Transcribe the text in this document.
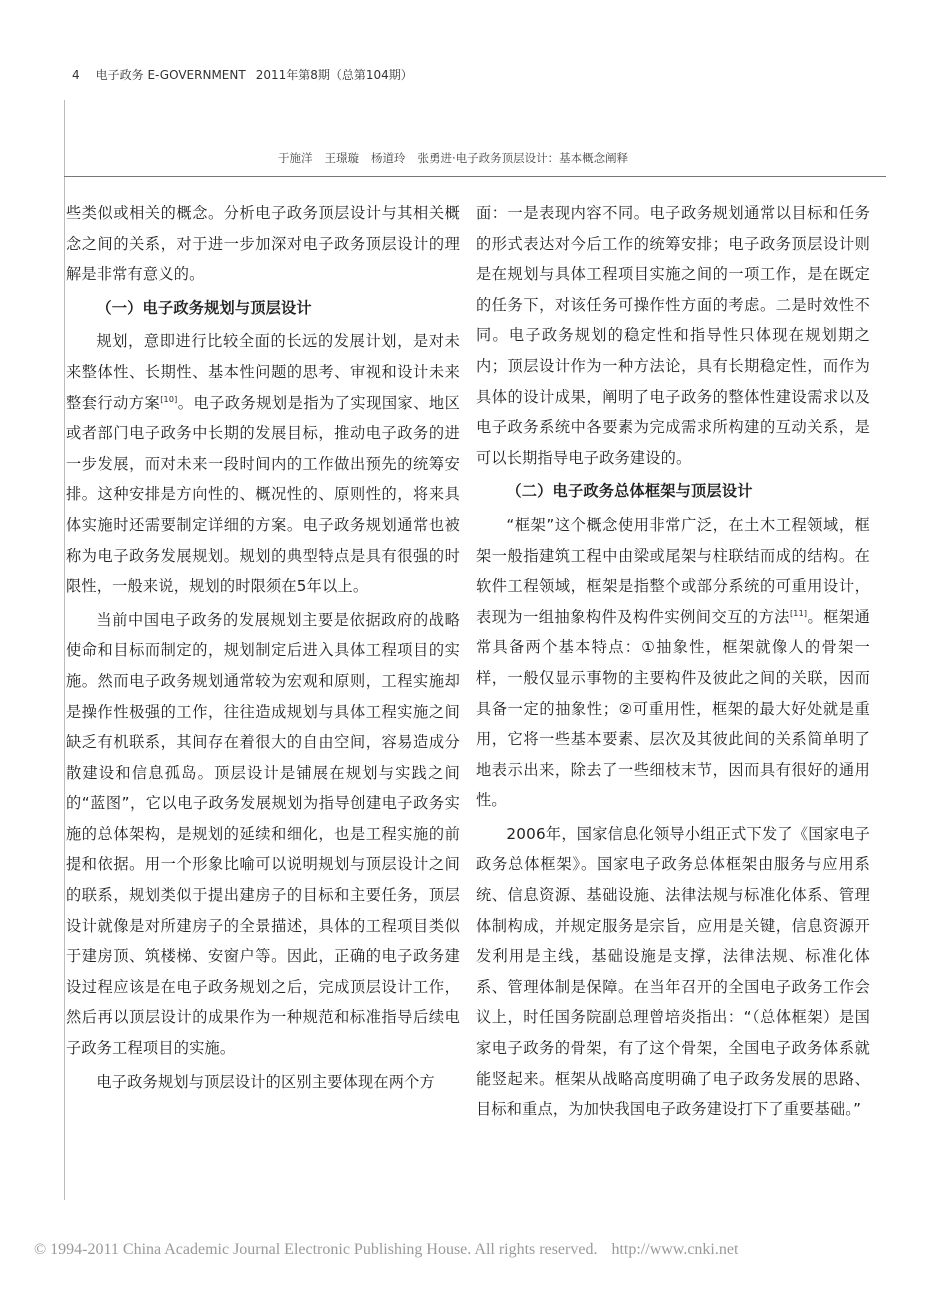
4 电子政务 E-GOVERNMENT 2011年第8期（总第104期）
于施洋 王璟璇 杨道玲 张勇进·电子政务顶层设计：基本概念阐释

些类似或相关的概念。分析电子政务顶层设计与其相关概念之间的关系，对于进一步加深对电子政务顶层设计的理解是非常有意义的。

（一）电子政务规划与顶层设计

规划，意即进行比较全面的长远的发展计划，是对未来整体性、长期性、基本性问题的思考、审视和设计未来整套行动方案[10]。电子政务规划是指为了实现国家、地区或者部门电子政务中长期的发展目标，推动电子政务的进一步发展，而对未来一段时间内的工作做出预先的统筹安排。这种安排是方向性的、概况性的、原则性的，将来具体实施时还需要制定详细的方案。电子政务规划通常也被称为电子政务发展规划。规划的典型特点是具有很强的时限性，一般来说，规划的时限须在5年以上。

当前中国电子政务的发展规划主要是依据政府的战略使命和目标而制定的，规划制定后进入具体工程项目的实施。然而电子政务规划通常较为宏观和原则，工程实施却是操作性极强的工作，往往造成规划与具体工程实施之间缺乏有机联系，其间存在着很大的自由空间，容易造成分散建设和信息孤岛。顶层设计是铺展在规划与实践之间的“蓝图”，它以电子政务发展规划为指导创建电子政务实施的总体架构，是规划的延续和细化，也是工程实施的前提和依据。用一个形象比喻可以说明规划与顶层设计之间的联系，规划类似于提出建房子的目标和主要任务，顶层设计就像是对所建房子的全景描述，具体的工程项目类似于建房顶、筑楼梯、安窗户等。因此，正确的电子政务建设过程应该是在电子政务规划之后，完成顶层设计工作，然后再以顶层设计的成果作为一种规范和标准指导后续电子政务工程项目的实施。

电子政务规划与顶层设计的区别主要体现在两个方

面：一是表现内容不同。电子政务规划通常以目标和任务的形式表达对今后工作的统筹安排；电子政务顶层设计则是在规划与具体工程项目实施之间的一项工作，是在既定的任务下，对该任务可操作性方面的考虑。二是时效性不同。电子政务规划的稳定性和指导性只体现在规划期之内；顶层设计作为一种方法论，具有长期稳定性，而作为具体的设计成果，阐明了电子政务的整体性建设需求以及电子政务系统中各要素为完成需求所构建的互动关系，是可以长期指导电子政务建设的。

（二）电子政务总体框架与顶层设计

“框架”这个概念使用非常广泛，在土木工程领域，框架一般指建筑工程中由梁或尾架与柱联结而成的结构。在软件工程领域，框架是指整个或部分系统的可重用设计，表现为一组抽象构件及构件实例间交互的方法[11]。框架通常具备两个基本特点：①抽象性，框架就像人的骨架一样，一般仅显示事物的主要构件及彼此之间的关联，因而具备一定的抽象性；②可重用性，框架的最大好处就是重用，它将一些基本要素、层次及其彼此间的关系简单明了地表示出来，除去了一些细枝末节，因而具有很好的通用性。

2006年，国家信息化领导小组正式下发了《国家电子政务总体框架》。国家电子政务总体框架由服务与应用系统、信息资源、基础设施、法律法规与标准化体系、管理体制构成，并规定服务是宗旨，应用是关键，信息资源开发利用是主线，基础设施是支撑，法律法规、标准化体系、管理体制是保障。在当年召开的全国电子政务工作会议上，时任国务院副总理曾培炎指出：“（总体框架）是国家电子政务的骨架，有了这个骨架，全国电子政务体系就能竖起来。框架从战略高度明确了电子政务发展的思路、目标和重点，为加快我国电子政务建设打下了重要基础。”

© 1994-2011 China Academic Journal Electronic Publishing House. All rights reserved. http://www.cnki.net
